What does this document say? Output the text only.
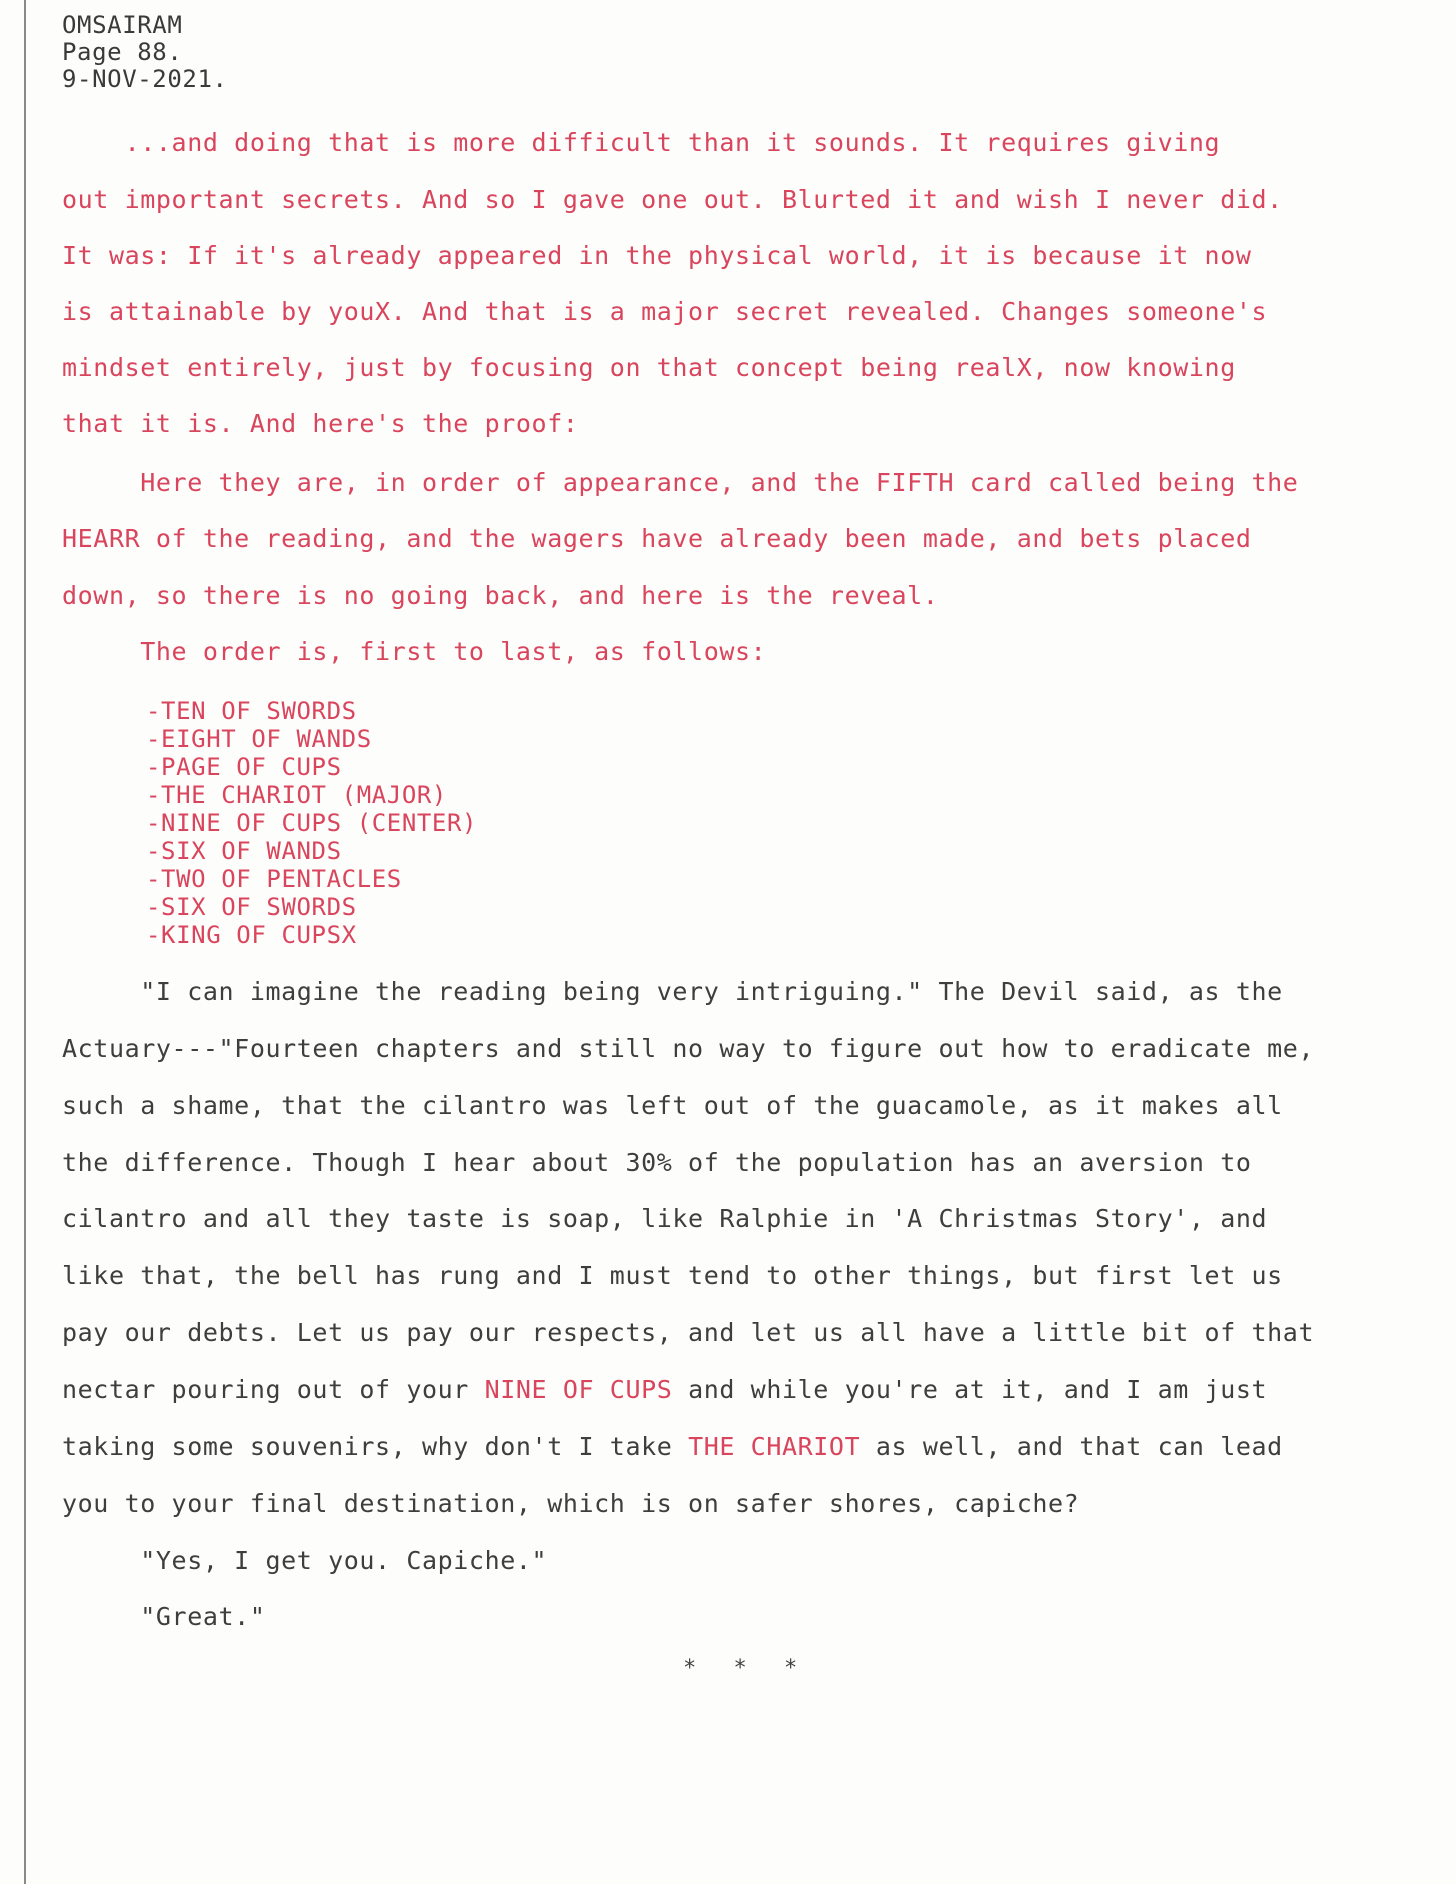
OMSAIRAM
Page 88.
9-NOV-2021.
...and doing that is more difficult than it sounds. It requires giving
out important secrets. And so I gave one out. Blurted it and wish I never did.
It was: If it's already appeared in the physical world, it is because it now
is attainable by youX. And that is a major secret revealed. Changes someone's
mindset entirely, just by focusing on that concept being realX, now knowing
that it is. And here's the proof:
Here they are, in order of appearance, and the FIFTH card called being the
HEARR of the reading, and the wagers have already been made, and bets placed
down, so there is no going back, and here is the reveal.
The order is, first to last, as follows:
-TEN OF SWORDS
-EIGHT OF WANDS
-PAGE OF CUPS
-THE CHARIOT (MAJOR)
-NINE OF CUPS (CENTER)
-SIX OF WANDS
-TWO OF PENTACLES
-SIX OF SWORDS
-KING OF CUPSX
"I can imagine the reading being very intriguing." The Devil said, as the
Actuary---"Fourteen chapters and still no way to figure out how to eradicate me,
such a shame, that the cilantro was left out of the guacamole, as it makes all
the difference. Though I hear about 30% of the population has an aversion to
cilantro and all they taste is soap, like Ralphie in 'A Christmas Story', and
like that, the bell has rung and I must tend to other things, but first let us
pay our debts. Let us pay our respects, and let us all have a little bit of that
nectar pouring out of your NINE OF CUPS and while you're at it, and I am just
taking some souvenirs, why don't I take THE CHARIOT as well, and that can lead
you to your final destination, which is on safer shores, capiche?
"Yes, I get you. Capiche."
"Great."
* * *
